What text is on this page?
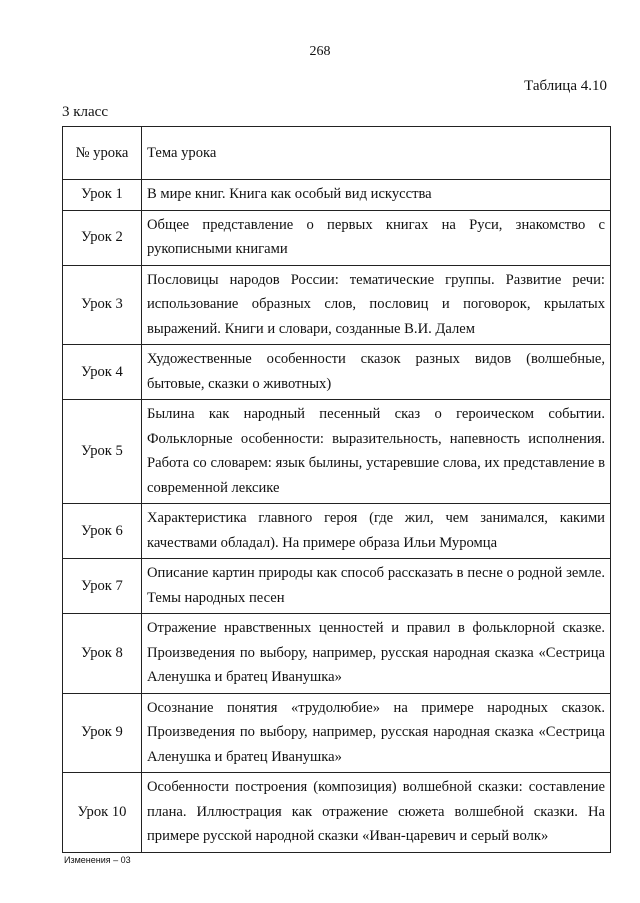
268
Таблица 4.10
3 класс
№ урока	Тема урока
Урок 1	В мире книг. Книга как особый вид искусства
Урок 2	Общее представление о первых книгах на Руси, знакомство с рукописными книгами
Урок 3	Пословицы народов России: тематические группы. Развитие речи: использование образных слов, пословиц и поговорок, крылатых выражений. Книги и словари, созданные В.И. Далем
Урок 4	Художественные особенности сказок разных видов (волшебные, бытовые, сказки о животных)
Урок 5	Былина как народный песенный сказ о героическом событии. Фольклорные особенности: выразительность, напевность исполнения. Работа со словарем: язык былины, устаревшие слова, их представление в современной лексике
Урок 6	Характеристика главного героя (где жил, чем занимался, какими качествами обладал). На примере образа Ильи Муромца
Урок 7	Описание картин природы как способ рассказать в песне о родной земле. Темы народных песен
Урок 8	Отражение нравственных ценностей и правил в фольклорной сказке. Произведения по выбору, например, русская народная сказка «Сестрица Аленушка и братец Иванушка»
Урок 9	Осознание понятия «трудолюбие» на примере народных сказок. Произведения по выбору, например, русская народная сказка «Сестрица Аленушка и братец Иванушка»
Урок 10	Особенности построения (композиция) волшебной сказки: составление плана. Иллюстрация как отражение сюжета волшебной сказки. На примере русской народной сказки «Иван-царевич и серый волк»
Изменения – 03
